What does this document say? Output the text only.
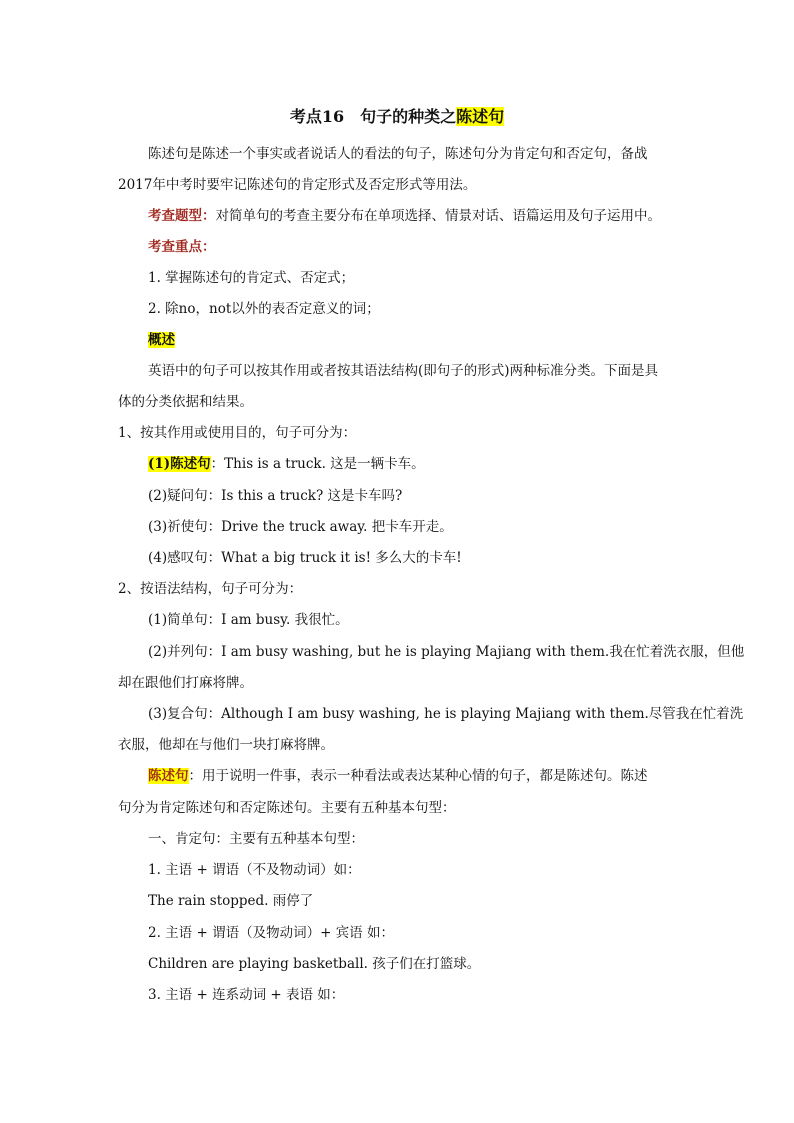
考点16　句子的种类之陈述句
陈述句是陈述一个事实或者说话人的看法的句子，陈述句分为肯定句和否定句，备战
2017年中考时要牢记陈述句的肯定形式及否定形式等用法。
考查题型：对简单句的考查主要分布在单项选择、情景对话、语篇运用及句子运用中。
考查重点：
1. 掌握陈述句的肯定式、否定式；
2. 除no，not以外的表否定意义的词；
概述
英语中的句子可以按其作用或者按其语法结构(即句子的形式)两种标准分类。下面是具
体的分类依据和结果。
1、按其作用或使用目的，句子可分为：
(1)陈述句：This is a truck. 这是一辆卡车。
(2)疑问句：Is this a truck? 这是卡车吗?
(3)祈使句：Drive the truck away. 把卡车开走。
(4)感叹句：What a big truck it is! 多么大的卡车!
2、按语法结构，句子可分为：
(1)简单句：I am busy. 我很忙。
(2)并列句：I am busy washing, but he is playing Majiang with them.我在忙着洗衣服，但他
却在跟他们打麻将牌。
(3)复合句：Although I am busy washing, he is playing Majiang with them.尽管我在忙着洗
衣服，他却在与他们一块打麻将牌。
陈述句：用于说明一件事，表示一种看法或表达某种心情的句子，都是陈述句。陈述
句分为肯定陈述句和否定陈述句。主要有五种基本句型：
一、肯定句：主要有五种基本句型：
1. 主语 + 谓语（不及物动词）如：
The rain stopped. 雨停了
2. 主语 + 谓语（及物动词）+ 宾语 如：
Children are playing basketball. 孩子们在打篮球。
3. 主语 + 连系动词 + 表语 如：
